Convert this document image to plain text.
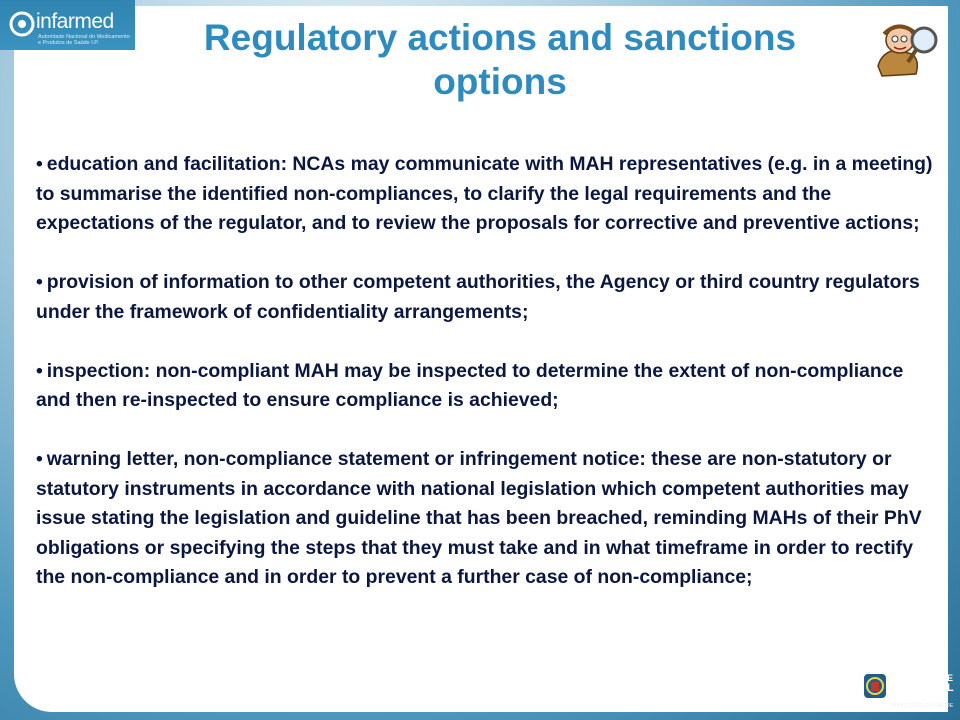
infarmed
Autoridade Nacional do Medicamento e Produtos de Saúde I.P.	Regulatory actions and sanctions options
• education and facilitation: NCAs may communicate with MAH representatives (e.g. in a meeting) to summarise the identified non-compliances, to clarify the legal requirements and the expectations of the regulator, and to review the proposals for corrective and preventive actions;
• provision of information to other competent authorities, the Agency or third country regulators under the framework of confidentiality arrangements;
• inspection: non-compliant MAH may be inspected to determine the extent of non-compliance and then re-inspected to ensure compliance is achieved;
• warning letter, non-compliance statement or infringement notice: these are non-statutory or statutory instruments in accordance with national legislation which competent authorities may issue stating the legislation and guideline that has been breached, reminding MAHs of their PhV obligations or specifying the steps that they must take and in what timeframe in order to rectify the non-compliance and in order to prevent a further case of non-compliance;
GOVERNO DE
PORTUGAL
MINISTÉRIO DA SAÚDE
